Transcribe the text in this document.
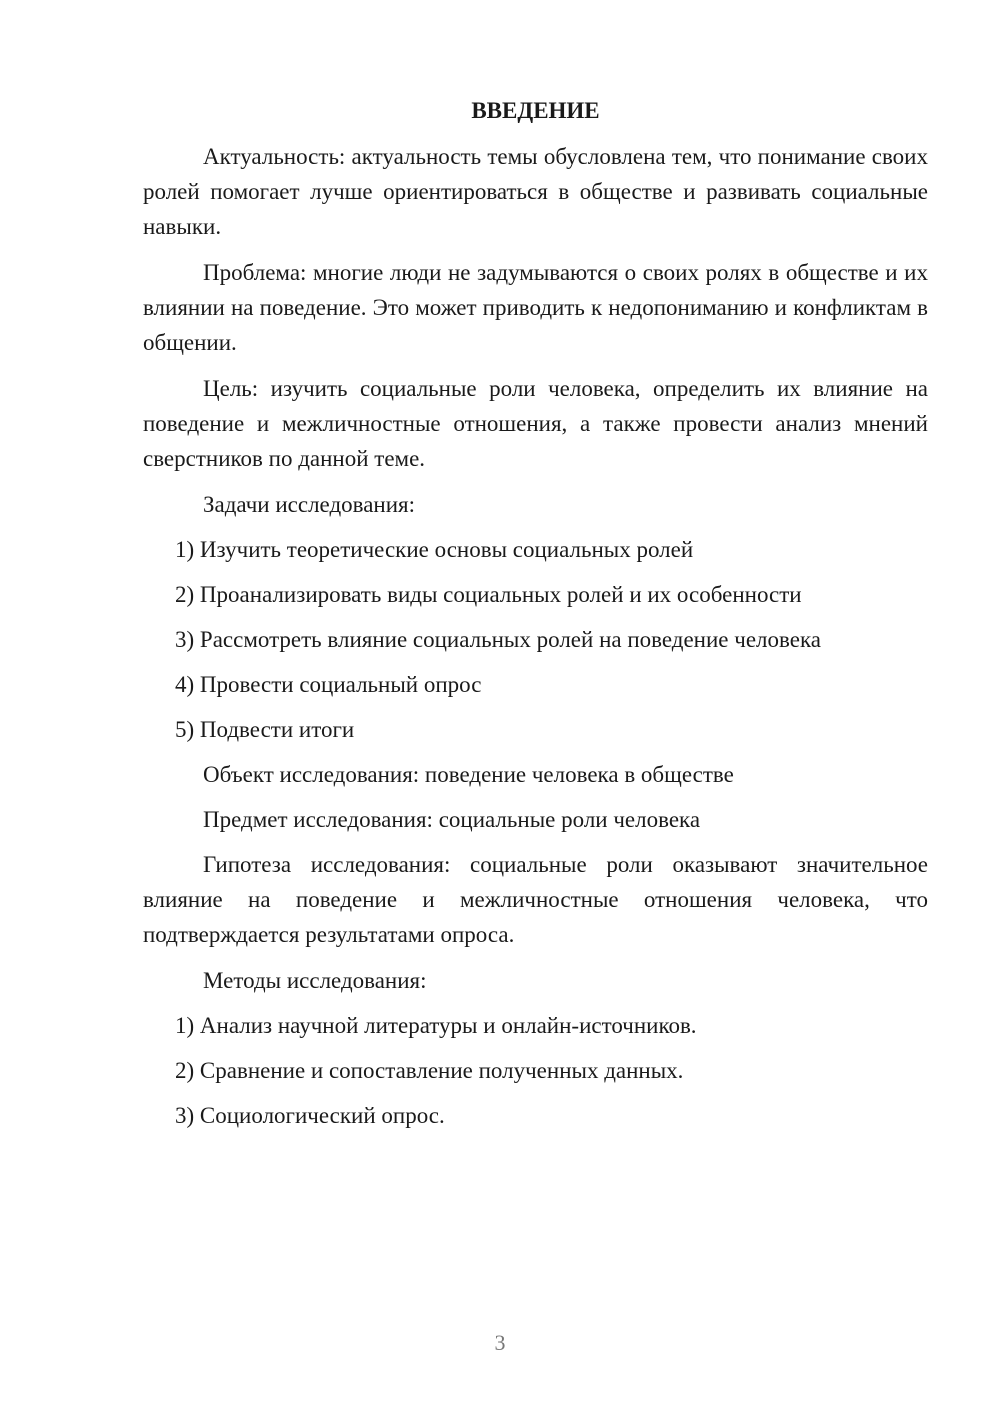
ВВЕДЕНИЕ

Актуальность: актуальность темы обусловлена тем, что понимание своих ролей помогает лучше ориентироваться в обществе и развивать социальные навыки.

Проблема: многие люди не задумываются о своих ролях в обществе и их влиянии на поведение. Это может приводить к недопониманию и конфликтам в общении.

Цель: изучить социальные роли человека, определить их влияние на поведение и межличностные отношения, а также провести анализ мнений сверстников по данной теме.

Задачи исследования:

1) Изучить теоретические основы социальных ролей
2) Проанализировать виды социальных ролей и их особенности
3) Рассмотреть влияние социальных ролей на поведение человека
4) Провести социальный опрос
5) Подвести итоги

Объект исследования: поведение человека в обществе

Предмет исследования: социальные роли человека

Гипотеза исследования: социальные роли оказывают значительное влияние на поведение и межличностные отношения человека, что подтверждается результатами опроса.

Методы исследования:

1) Анализ научной литературы и онлайн-источников.
2) Сравнение и сопоставление полученных данных.
3) Социологический опрос.
3
